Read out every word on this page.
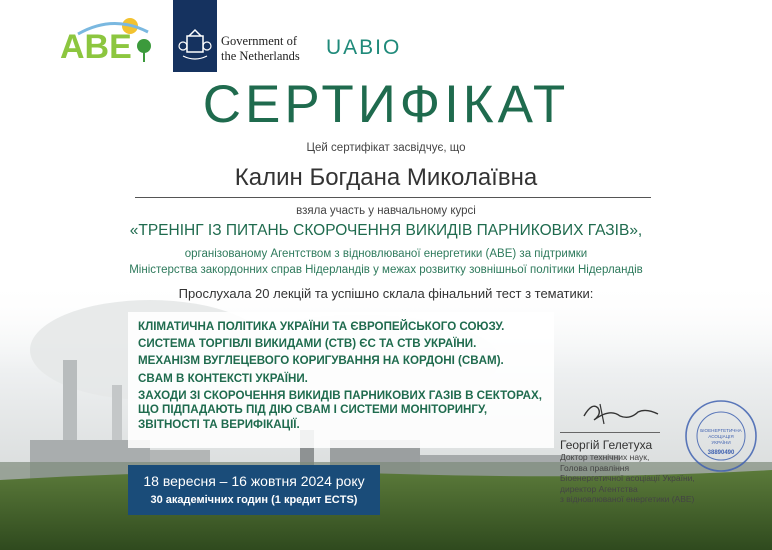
ABE	Government of
the Netherlands UABIO
СЕРТИФІКАТ
Цей сертифікат засвідчує, що
Калин Богдана Миколаївна
взяла участь у навчальному курсі
«ТРЕНІНГ ІЗ ПИТАНЬ СКОРОЧЕННЯ ВИКИДІВ ПАРНИКОВИХ ГАЗІВ»,
організованому Агентством з відновлюваної енергетики (АВЕ) за підтримки
Міністерства закордонних справ Нідерландів у межах розвитку зовнішньої політики Нідерландів
Прослухала 20 лекцій та успішно склала фінальний тест з тематики:
КЛІМАТИЧНА ПОЛІТИКА УКРАЇНИ ТА ЄВРОПЕЙСЬКОГО СОЮЗУ.
СИСТЕМА ТОРГІВЛІ ВИКИДАМИ (СТВ) ЄС ТА СТВ УКРАЇНИ.
МЕХАНІЗМ ВУГЛЕЦЕВОГО КОРИГУВАННЯ НА КОРДОНІ (CBAM).
CBAM В КОНТЕКСТІ УКРАЇНИ.
ЗАХОДИ ЗІ СКОРОЧЕННЯ ВИКИДІВ ПАРНИКОВИХ ГАЗІВ В СЕКТОРАХ, ЩО ПІДПАДАЮТЬ ПІД ДІЮ CBAM І СИСТЕМИ МОНІТОРИНГУ, ЗВІТНОСТІ ТА ВЕРИФІКАЦІЇ.
18 вересня – 16 жовтня 2024 року
30 академічних годин (1 кредит ECTS)
Георгій Гелетуха
Доктор технічних наук,
Голова правління
Біоенергетичної асоціації України,
директор Агентства
з відновлюваної енергетики (АВЕ)
БІОЕНЕРГЕТИЧНА
АСОЦІАЦІЯ
УКРАЇНИ
38890490
